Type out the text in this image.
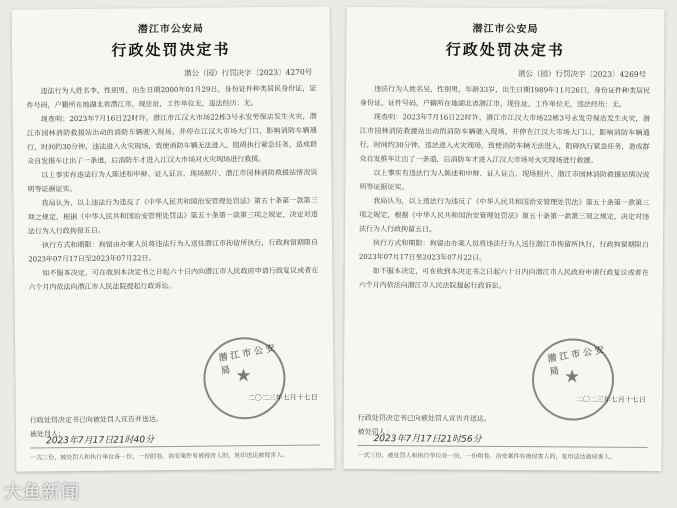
潜江市公安局
行政处罚决定书
潜公（园）行罚决字〔2023〕4270号

违法行为人姓名李，性别男，出生日期2000年01月29日，身份证件种类居民身份证，证件号码，户籍所在地湖北省潜江市，现住址，工作单位无，违法经历：无。

现查明：2023年7月16日22时许，潜江市江汉大市场22栋3号永发劳保店发生火灾，潜江市园林消防救援站出动的消防车辆驶入现场，并停在江汉大市场大门口，影响消防车辆通行，时间约30分钟，违法进入火灾现场，致使消防车辆无法进入，阻碍执行紧急任务，造成群众自发推车让出了一条道，后消防车才进入江汉大市场对火灾现场进行救援。

以上事实有违法行为人陈述和申辩、证人证言、现场照片、潜江市园林消防救援站情况说明等证据证实。

我局认为，以上违法行为违反了《中华人民共和国治安管理处罚法》第五十条第一款第三项之规定，根据《中华人民共和国治安管理处罚法》第五十条第一款第三项之规定，决定对违法行为人行政拘留五日。

执行方式和期限：拘留由办案人员将违法行为人送往潜江市拘留所执行，行政拘留期限自2023年07月17日至2023年07月22日。

如不服本决定，可在收到本决定书之日起六十日内向潜江市人民政府申请行政复议或者在六个月内依法向潜江市人民法院提起行政诉讼。

潜江市公安局 ★
二〇二三年七月十七日
行政处罚决定书已向被处罚人宣告并送达。
被处罚人：
2023年7月17日21时40分
一式三份，被处罚人和执行单位各一份，一份附卷。治安案件有被侵害人的，复印送达被侵害人。
潜江市公安局
行政处罚决定书
潜公（园）行罚决字〔2023〕4269号

违法行为人姓名吴，性别男，年龄33岁，出生日期1989年11月26日，身份证件种类居民身份证，证件号码，户籍所在地湖北省潜江市，现住址，工作单位无，违法经历：无。

现查明：2023年7月16日22时许，潜江市江汉大市场22栋3号永发劳保店发生火灾，潜江市园林消防救援站出动的消防车辆驶入现场，并停在江汉大市场大门口，影响消防车辆通行，时间约30分钟，违法进入火灾现场，致使消防车辆无法进入，阻碍执行紧急任务，造成群众自发推车让出了一条道，后消防车才进入江汉大市场对火灾现场进行救援。

以上事实有违法行为人陈述和申辩、证人证言、现场照片、潜江市园林消防救援站情况说明等证据证实。

我局认为，以上违法行为违反了《中华人民共和国治安管理处罚法》第五十条第一款第三项之规定，根据《中华人民共和国治安管理处罚法》第五十条第一款第三项之规定，决定对违法行为人行政拘留五日。

执行方式和期限：拘留由办案人员将违法行为人送往潜江市拘留所执行，行政拘留期限自2023年07月17日至2023年07月22日。

如不服本决定，可在收到本决定书之日起六十日内向潜江市人民政府申请行政复议或者在六个月内依法向潜江市人民法院提起行政诉讼。

潜江市公安局 ★
二〇二三年七月十七日
行政处罚决定书已向被处罚人宣告并送达。
被处罚人：
2023年7月17日21时56分
一式三份，被处罚人和执行单位各一份，一份附卷。治安案件有被侵害人的，复印送达被侵害人。
大鱼新闻
